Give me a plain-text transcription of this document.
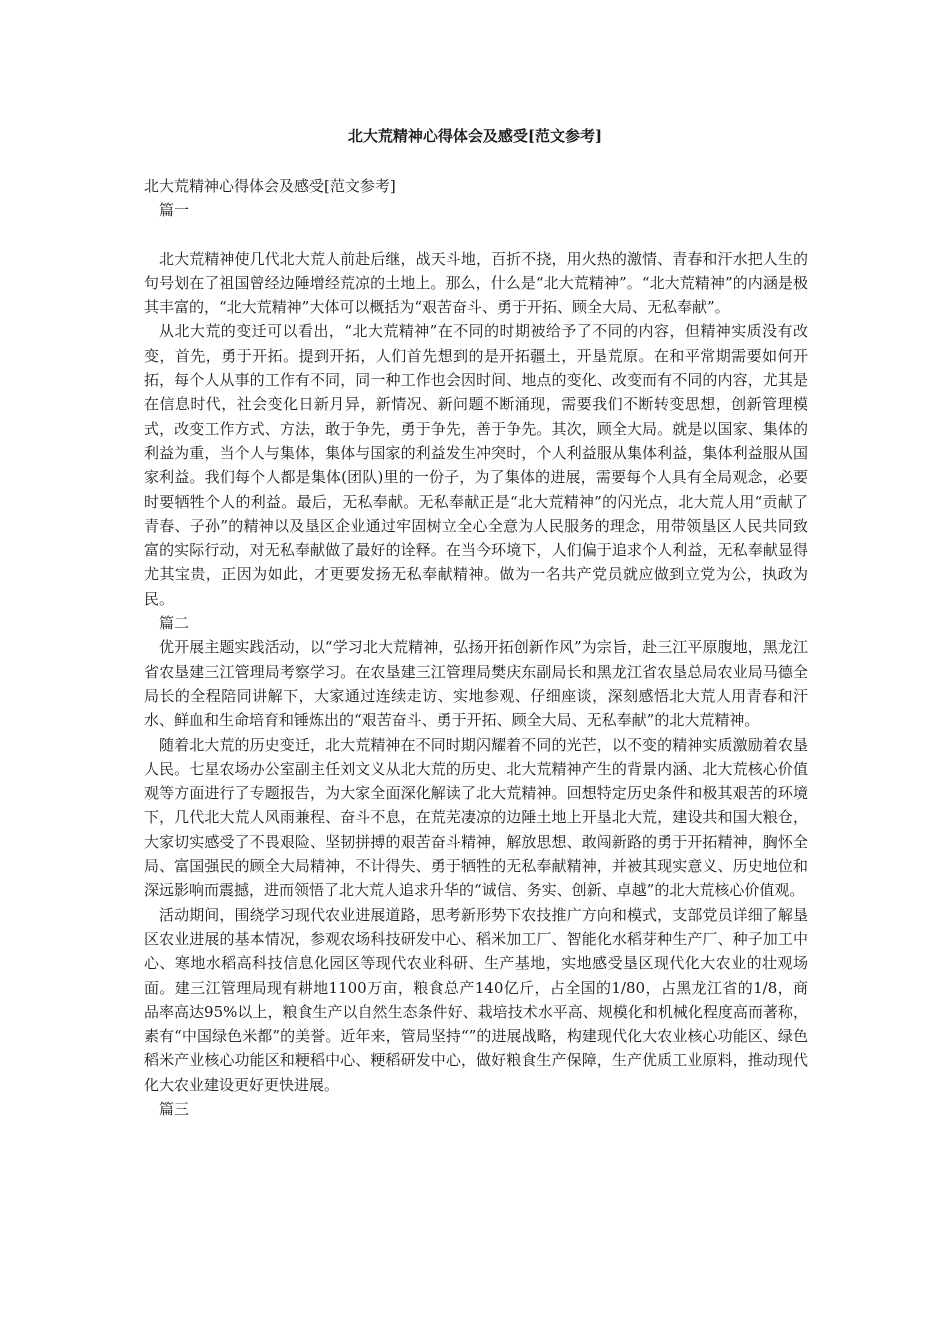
北大荒精神心得体会及感受[范文参考]

北大荒精神心得体会及感受[范文参考]

篇一

北大荒精神使几代北大荒人前赴后继，战天斗地，百折不挠，用火热的激情、青春和汗水把人生的句号划在了祖国曾经边陲增经荒凉的土地上。那么，什么是“北大荒精神”。“北大荒精神”的内涵是极其丰富的，“北大荒精神”大体可以概括为“艰苦奋斗、勇于开拓、顾全大局、无私奉献”。

从北大荒的变迁可以看出，“北大荒精神”在不同的时期被给予了不同的内容，但精神实质没有改变，首先，勇于开拓。提到开拓，人们首先想到的是开拓疆土，开垦荒原。在和平常期需要如何开拓，每个人从事的工作有不同，同一种工作也会因时间、地点的变化、改变而有不同的内容，尤其是在信息时代，社会变化日新月异，新情况、新问题不断涌现，需要我们不断转变思想，创新管理模式，改变工作方式、方法，敢于争先，勇于争先，善于争先。其次，顾全大局。就是以国家、集体的利益为重，当个人与集体，集体与国家的利益发生冲突时，个人利益服从集体利益，集体利益服从国家利益。我们每个人都是集体(团队)里的一份子，为了集体的进展，需要每个人具有全局观念，必要时要牺牲个人的利益。最后，无私奉献。无私奉献正是“北大荒精神”的闪光点，北大荒人用“贡献了青春、子孙”的精神以及垦区企业通过牢固树立全心全意为人民服务的理念，用带领垦区人民共同致富的实际行动，对无私奉献做了最好的诠释。在当今环境下，人们偏于追求个人利益，无私奉献显得尤其宝贵，正因为如此，才更要发扬无私奉献精神。做为一名共产党员就应做到立党为公，执政为民。

篇二

优开展主题实践活动，以“学习北大荒精神，弘扬开拓创新作风”为宗旨，赴三江平原腹地，黑龙江省农垦建三江管理局考察学习。在农垦建三江管理局樊庆东副局长和黑龙江省农垦总局农业局马德全局长的全程陪同讲解下，大家通过连续走访、实地参观、仔细座谈，深刻感悟北大荒人用青春和汗水、鲜血和生命培育和锤炼出的“艰苦奋斗、勇于开拓、顾全大局、无私奉献”的北大荒精神。

随着北大荒的历史变迁，北大荒精神在不同时期闪耀着不同的光芒，以不变的精神实质激励着农垦人民。七星农场办公室副主任刘文义从北大荒的历史、北大荒精神产生的背景内涵、北大荒核心价值观等方面进行了专题报告，为大家全面深化解读了北大荒精神。回想特定历史条件和极其艰苦的环境下，几代北大荒人风雨兼程、奋斗不息，在荒芜凄凉的边陲土地上开垦北大荒，建设共和国大粮仓，大家切实感受了不畏艰险、坚韧拼搏的艰苦奋斗精神，解放思想、敢闯新路的勇于开拓精神，胸怀全局、富国强民的顾全大局精神，不计得失、勇于牺牲的无私奉献精神，并被其现实意义、历史地位和深远影响而震撼，进而领悟了北大荒人追求升华的“诚信、务实、创新、卓越”的北大荒核心价值观。

活动期间，围绕学习现代农业进展道路，思考新形势下农技推广方向和模式，支部党员详细了解垦区农业进展的基本情况，参观农场科技研发中心、稻米加工厂、智能化水稻芽种生产厂、种子加工中心、寒地水稻高科技信息化园区等现代农业科研、生产基地，实地感受垦区现代化大农业的壮观场面。建三江管理局现有耕地1100万亩，粮食总产140亿斤，占全国的1/80，占黑龙江省的1/8，商品率高达95%以上，粮食生产以自然生态条件好、栽培技术水平高、规模化和机械化程度高而著称，素有“中国绿色米都”的美誉。近年来，管局坚持“”的进展战略，构建现代化大农业核心功能区、绿色稻米产业核心功能区和粳稻中心、粳稻研发中心，做好粮食生产保障，生产优质工业原料，推动现代化大农业建设更好更快进展。

篇三
